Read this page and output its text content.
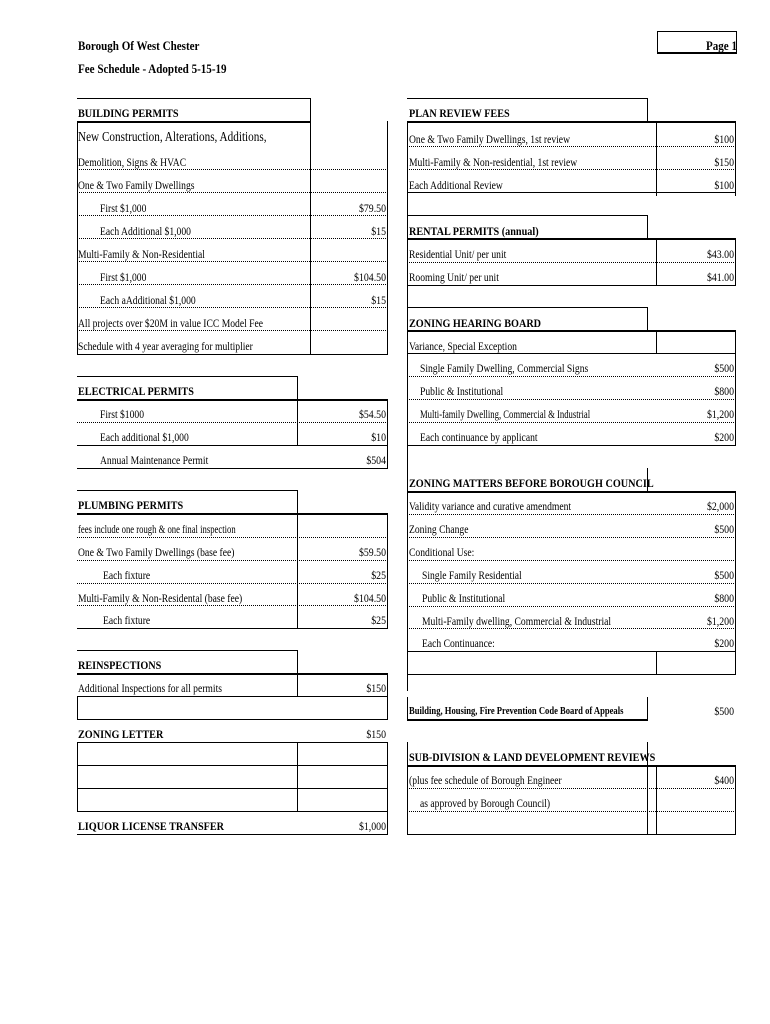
Borough Of West Chester
Fee Schedule - Adopted 5-15-19
Page 1
BUILDING PERMITS
New Construction, Alterations, Additions,
Demolition, Signs & HVAC
One & Two Family Dwellings
First $1,000	$79.50
Each Additional $1,000	$15
Multi-Family & Non-Residential
First $1,000	$104.50
Each aAdditional $1,000	$15
All projects over $20M in value ICC Model Fee
Schedule with 4 year averaging for multiplier
ELECTRICAL PERMITS
First $1000	$54.50
Each additional $1,000	$10
Annual Maintenance Permit	$504
PLUMBING PERMITS
fees include one rough & one final inspection
One & Two Family Dwellings (base fee)	$59.50
Each fixture	$25
Multi-Family & Non-Residental (base fee)	$104.50
Each fixture	$25
REINSPECTIONS
Additional Inspections for all permits	$150
ZONING LETTER	$150
LIQUOR LICENSE TRANSFER	$1,000
PLAN REVIEW FEES
One & Two Family Dwellings, 1st review	$100
Multi-Family & Non-residential, 1st review	$150
Each Additional Review	$100
RENTAL PERMITS (annual)
Residential Unit/ per unit	$43.00
Rooming Unit/ per unit	$41.00
ZONING HEARING BOARD
Variance, Special Exception
Single Family Dwelling, Commercial Signs	$500
Public & Institutional	$800
Multi-family Dwelling, Commercial & Industrial	$1,200
Each continuance by applicant	$200
ZONING MATTERS BEFORE BOROUGH COUNCIL
Validity variance and curative amendment	$2,000
Zoning Change	$500
Conditional Use:
Single Family Residential	$500
Public & Institutional	$800
Multi-Family dwelling, Commercial & Industrial	$1,200
Each Continuance:	$200
Building, Housing, Fire Prevention Code Board of Appeals	$500
SUB-DIVISION & LAND DEVELOPMENT REVIEWS
(plus fee schedule of Borough Engineer	$400
as approved by Borough Council)
